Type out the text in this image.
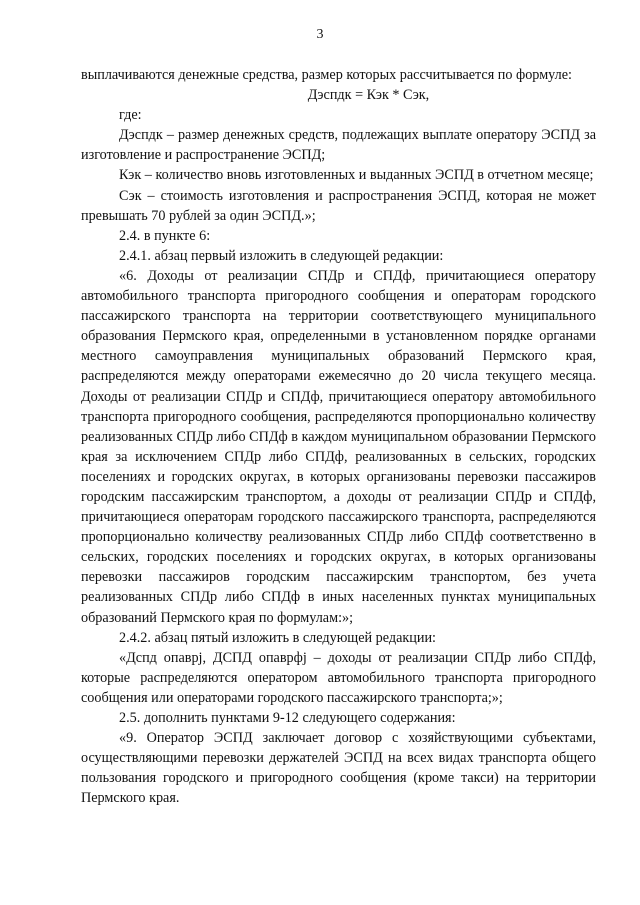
3

выплачиваются денежные средства, размер которых рассчитывается по формуле:

Дэспдк = Кэк * Сэк,

где:

Дэспдк – размер денежных средств, подлежащих выплате оператору ЭСПД за изготовление и распространение ЭСПД;

Кэк – количество вновь изготовленных и выданных ЭСПД в отчетном месяце;

Сэк – стоимость изготовления и распространения ЭСПД, которая не может превышать 70 рублей за один ЭСПД.»;

2.4. в пункте 6:

2.4.1. абзац первый изложить в следующей редакции:

«6. Доходы от реализации СПДр и СПДф, причитающиеся оператору автомобильного транспорта пригородного сообщения и операторам городского пассажирского транспорта на территории соответствующего муниципального образования Пермского края, определенными в установленном порядке органами местного самоуправления муниципальных образований Пермского края, распределяются между операторами ежемесячно до 20 числа текущего месяца. Доходы от реализации СПДр и СПДф, причитающиеся оператору автомобильного транспорта пригородного сообщения, распределяются пропорционально количеству реализованных СПДр либо СПДф в каждом муниципальном образовании Пермского края за исключением СПДр либо СПДф, реализованных в сельских, городских поселениях и городских округах, в которых организованы перевозки пассажиров городским пассажирским транспортом, а доходы от реализации СПДр и СПДф, причитающиеся операторам городского пассажирского транспорта, распределяются пропорционально количеству реализованных СПДр либо СПДф соответственно в сельских, городских поселениях и городских округах, в которых организованы перевозки пассажиров городским пассажирским транспортом, без учета реализованных СПДр либо СПДф в иных населенных пунктах муниципальных образований Пермского края по формулам:»;

2.4.2. абзац пятый изложить в следующей редакции:

«Дспд опаврj, ДСПД опаврфj – доходы от реализации СПДр либо СПДф, которые распределяются оператором автомобильного транспорта пригородного сообщения или операторами городского пассажирского транспорта;»;

2.5. дополнить пунктами 9-12 следующего содержания:

«9. Оператор ЭСПД заключает договор с хозяйствующими субъектами, осуществляющими перевозки держателей ЭСПД на всех видах транспорта общего пользования городского и пригородного сообщения (кроме такси) на территории Пермского края.
